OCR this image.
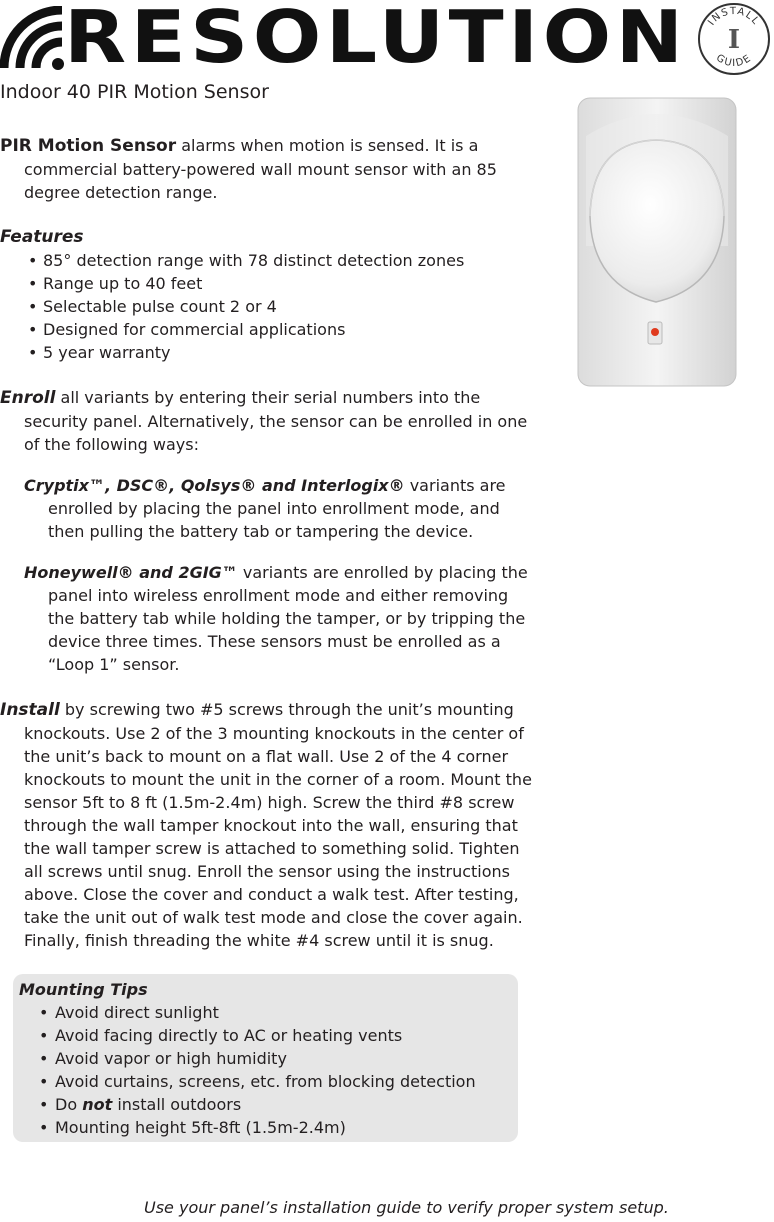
RESOLUTION INSTALL
I
GUIDE
Indoor 40 PIR Motion Sensor

PIR Motion Sensor alarms when motion is sensed. It is a commercial battery-powered wall mount sensor with an 85 degree detection range.

Features
• 85° detection range with 78 distinct detection zones
• Range up to 40 feet
• Selectable pulse count 2 or 4
• Designed for commercial applications
• 5 year warranty

Enroll all variants by entering their serial numbers into the security panel. Alternatively, the sensor can be enrolled in one of the following ways:

Cryptix™, DSC®, Qolsys® and Interlogix® variants are enrolled by placing the panel into enrollment mode, and then pulling the battery tab or tampering the device.

Honeywell® and 2GIG™ variants are enrolled by placing the panel into wireless enrollment mode and either removing the battery tab while holding the tamper, or by tripping the device three times. These sensors must be enrolled as a “Loop 1” sensor.

Install by screwing two #5 screws through the unit’s mounting knockouts. Use 2 of the 3 mounting knockouts in the center of the unit’s back to mount on a flat wall. Use 2 of the 4 corner knockouts to mount the unit in the corner of a room. Mount the sensor 5ft to 8 ft (1.5m-2.4m) high. Screw the third #8 screw through the wall tamper knockout into the wall, ensuring that the wall tamper screw is attached to something solid. Tighten all screws until snug. Enroll the sensor using the instructions above. Close the cover and conduct a walk test. After testing, take the unit out of walk test mode and close the cover again. Finally, finish threading the white #4 screw until it is snug.

Mounting Tips
• Avoid direct sunlight
• Avoid facing directly to AC or heating vents
• Avoid vapor or high humidity
• Avoid curtains, screens, etc. from blocking detection
• Do not install outdoors
• Mounting height 5ft-8ft (1.5m-2.4m)
Use your panel’s installation guide to verify proper system setup.
